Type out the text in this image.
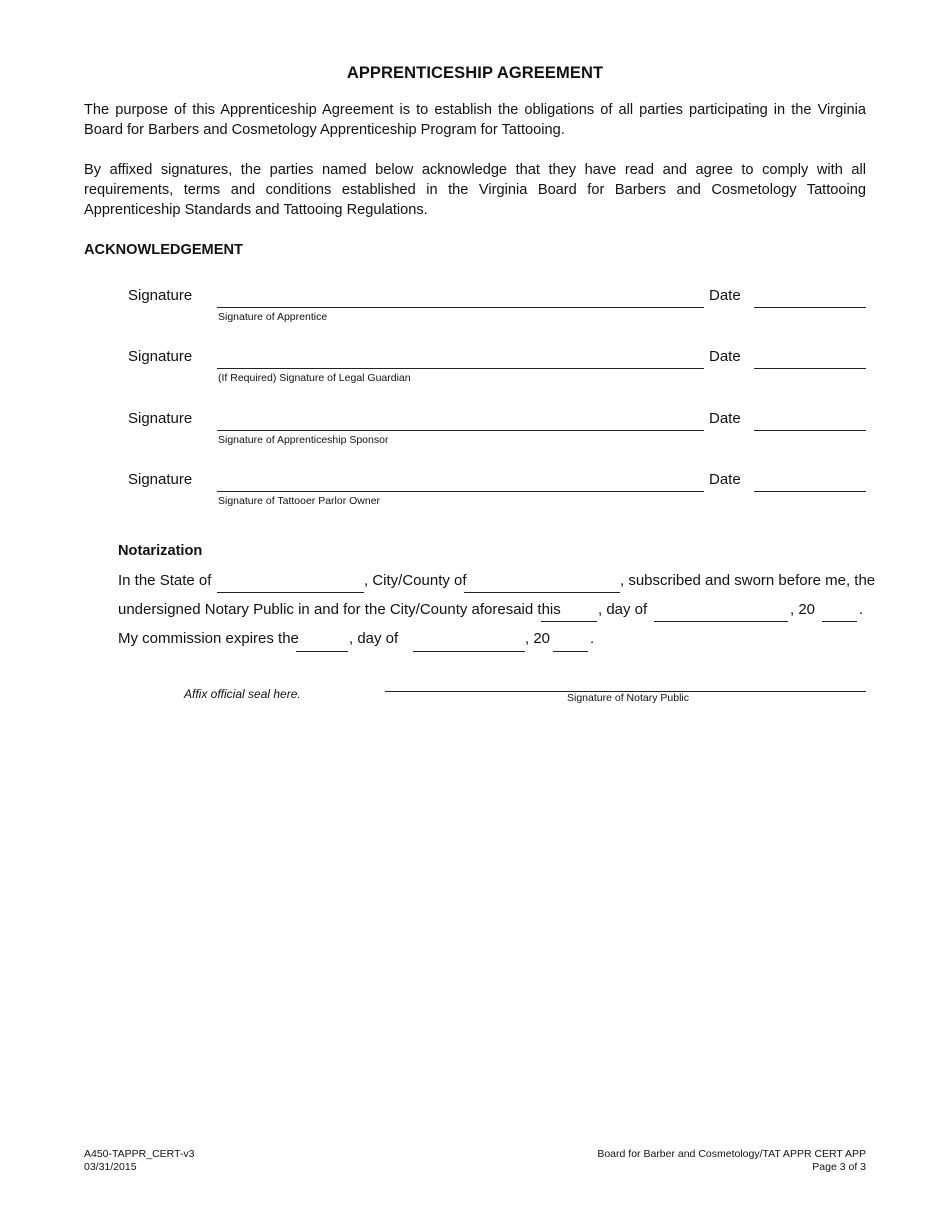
APPRENTICESHIP AGREEMENT
The purpose of this Apprenticeship Agreement is to establish the obligations of all parties participating in the Virginia Board for Barbers and Cosmetology Apprenticeship Program for Tattooing.
By affixed signatures, the parties named below acknowledge that they have read and agree to comply with all requirements, terms and conditions established in the Virginia Board for Barbers and Cosmetology Tattooing Apprenticeship Standards and Tattooing Regulations.
ACKNOWLEDGEMENT
Signature
Signature of Apprentice
Date
Signature
(If Required) Signature of Legal Guardian
Date
Signature
Signature of Apprenticeship Sponsor
Date
Signature
Signature of Tattooer Parlor Owner
Date
Notarization
In the State of	, City/County of	, subscribed and sworn before me, the
undersigned Notary Public in and for the City/County aforesaid this , day of	, 20	.
My commission expires the	, day of	, 20	.
Affix official seal here.	Signature of Notary Public
A450-TAPPR_CERT-v3
03/31/2015
Board for Barber and Cosmetology/TAT APPR CERT APP
Page 3 of 3
